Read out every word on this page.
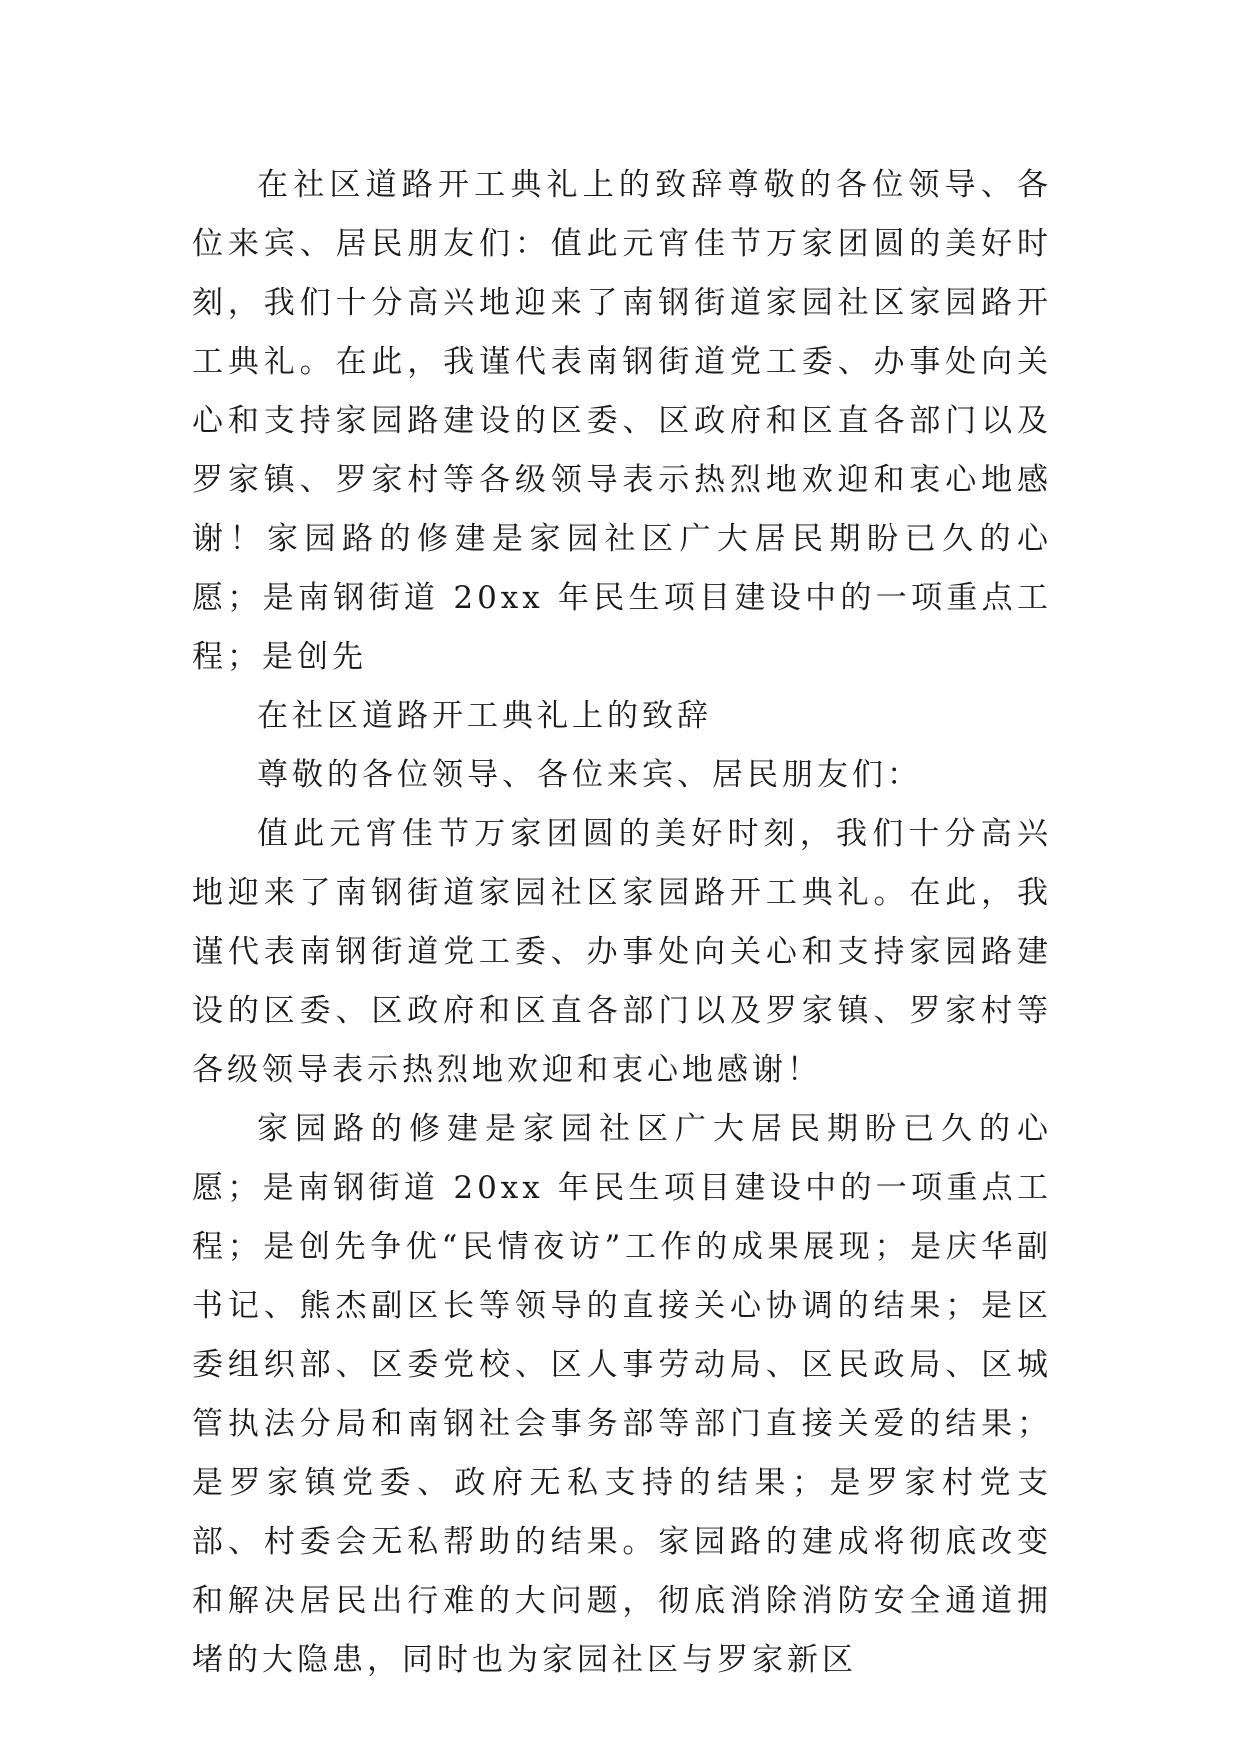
在社区道路开工典礼上的致辞尊敬的各位领导、各位来宾、居民朋友们：值此元宵佳节万家团圆的美好时刻，我们十分高兴地迎来了南钢街道家园社区家园路开工典礼。在此，我谨代表南钢街道党工委、办事处向关心和支持家园路建设的区委、区政府和区直各部门以及罗家镇、罗家村等各级领导表示热烈地欢迎和衷心地感谢！家园路的修建是家园社区广大居民期盼已久的心愿；是南钢街道 20xx 年民生项目建设中的一项重点工程；是创先

在社区道路开工典礼上的致辞

尊敬的各位领导、各位来宾、居民朋友们：

值此元宵佳节万家团圆的美好时刻，我们十分高兴地迎来了南钢街道家园社区家园路开工典礼。在此，我谨代表南钢街道党工委、办事处向关心和支持家园路建设的区委、区政府和区直各部门以及罗家镇、罗家村等各级领导表示热烈地欢迎和衷心地感谢！

家园路的修建是家园社区广大居民期盼已久的心愿；是南钢街道 20xx 年民生项目建设中的一项重点工程；是创先争优“民情夜访”工作的成果展现；是庆华副书记、熊杰副区长等领导的直接关心协调的结果；是区委组织部、区委党校、区人事劳动局、区民政局、区城管执法分局和南钢社会事务部等部门直接关爱的结果；是罗家镇党委、政府无私支持的结果；是罗家村党支部、村委会无私帮助的结果。家园路的建成将彻底改变和解决居民出行难的大问题，彻底消除消防安全通道拥堵的大隐患，同时也为家园社区与罗家新区
